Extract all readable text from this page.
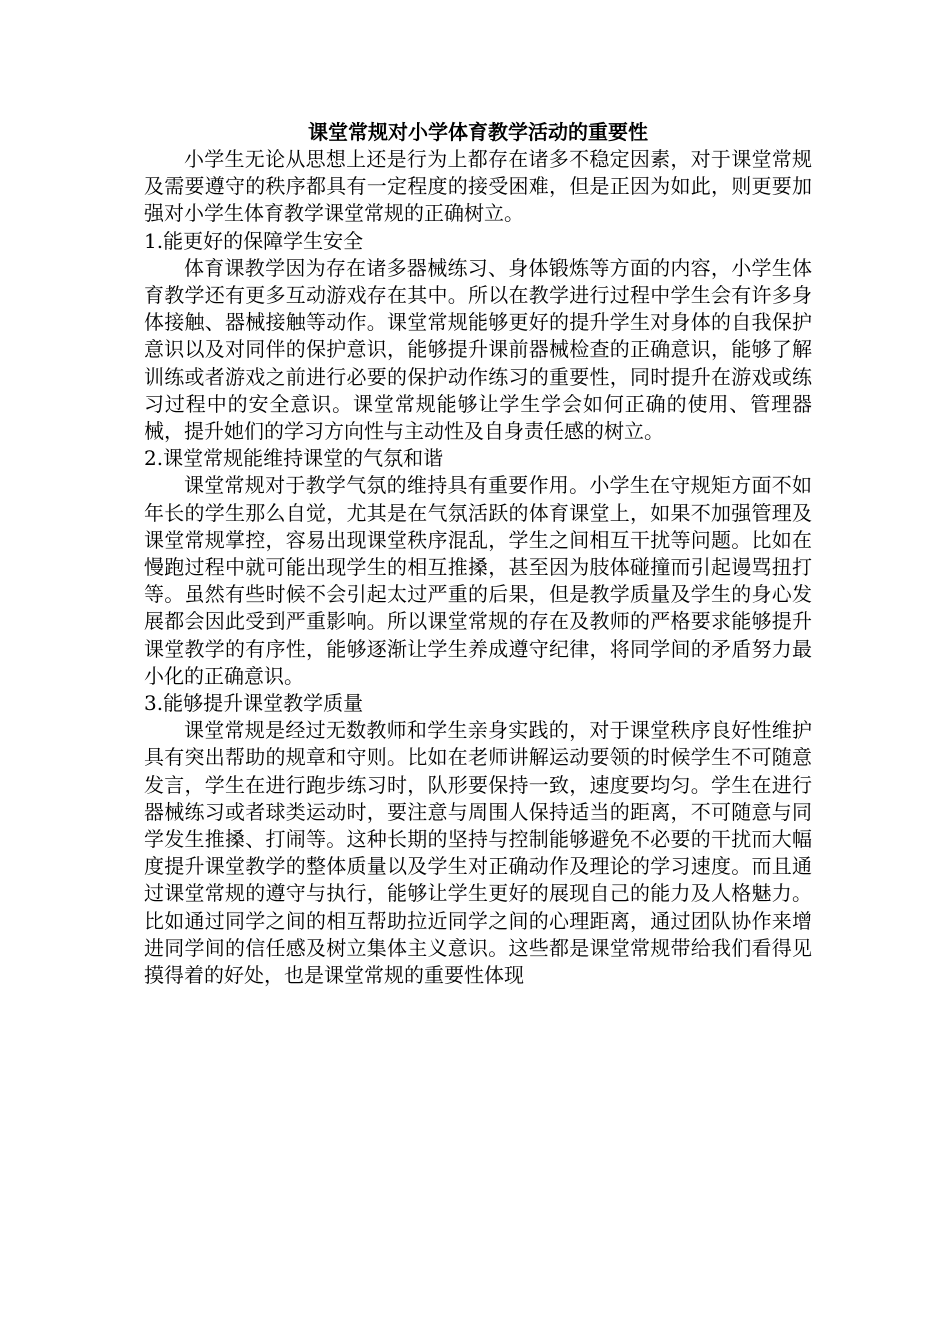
课堂常规对小学体育教学活动的重要性

小学生无论从思想上还是行为上都存在诸多不稳定因素，对于课堂常规及需要遵守的秩序都具有一定程度的接受困难，但是正因为如此，则更要加强对小学生体育教学课堂常规的正确树立。

1.能更好的保障学生安全

体育课教学因为存在诸多器械练习、身体锻炼等方面的内容，小学生体育教学还有更多互动游戏存在其中。所以在教学进行过程中学生会有许多身体接触、器械接触等动作。课堂常规能够更好的提升学生对身体的自我保护意识以及对同伴的保护意识，能够提升课前器械检查的正确意识，能够了解训练或者游戏之前进行必要的保护动作练习的重要性，同时提升在游戏或练习过程中的安全意识。课堂常规能够让学生学会如何正确的使用、管理器械，提升她们的学习方向性与主动性及自身责任感的树立。

2.课堂常规能维持课堂的气氛和谐

课堂常规对于教学气氛的维持具有重要作用。小学生在守规矩方面不如年长的学生那么自觉，尤其是在气氛活跃的体育课堂上，如果不加强管理及课堂常规掌控，容易出现课堂秩序混乱，学生之间相互干扰等问题。比如在慢跑过程中就可能出现学生的相互推搡，甚至因为肢体碰撞而引起谩骂扭打等。虽然有些时候不会引起太过严重的后果，但是教学质量及学生的身心发展都会因此受到严重影响。所以课堂常规的存在及教师的严格要求能够提升课堂教学的有序性，能够逐渐让学生养成遵守纪律，将同学间的矛盾努力最小化的正确意识。

3.能够提升课堂教学质量

课堂常规是经过无数教师和学生亲身实践的，对于课堂秩序良好性维护具有突出帮助的规章和守则。比如在老师讲解运动要领的时候学生不可随意发言，学生在进行跑步练习时，队形要保持一致，速度要均匀。学生在进行器械练习或者球类运动时，要注意与周围人保持适当的距离，不可随意与同学发生推搡、打闹等。这种长期的坚持与控制能够避免不必要的干扰而大幅度提升课堂教学的整体质量以及学生对正确动作及理论的学习速度。而且通过课堂常规的遵守与执行，能够让学生更好的展现自己的能力及人格魅力。比如通过同学之间的相互帮助拉近同学之间的心理距离，通过团队协作来增进同学间的信任感及树立集体主义意识。这些都是课堂常规带给我们看得见摸得着的好处，也是课堂常规的重要性体现
